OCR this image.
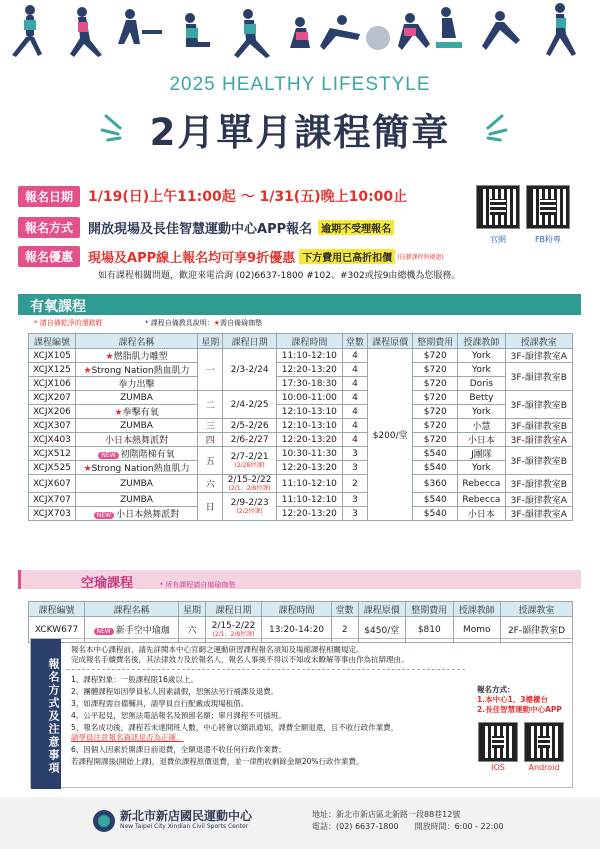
2025 HEALTHY LIFESTYLE
2月單月課程簡章
報名日期	1/19(日)上午11:00起 ～ 1/31(五)晚上10:00止
報名方式	開放現場及長佳智慧運動中心APP報名 逾期不受理報名
報名優惠	現場及APP線上報名均可享9折優惠 下方費用已高折扣價 (技藝課程無優惠)
如有課程相關問題，歡迎來電洽詢 (02)6637-1800 #102、#302或按9由總機為您服務。
官網	FB粉專
有氧課程
* 請自備乾淨的運動鞋	* 課程自備教具說明：★需自備瑜珈墊
課程編號	課程名稱	星期	課程日期	課程時間	堂數	課程原價	整期費用	授課教師	授課教室
XCJX105	★燃脂肌力雕塑	一	2/3-2/24	11:10-12:10	4	$200/堂	$720	York	3F-韻律教室A
XCJX125	★Strong Nation熱血肌力			12:20-13:20	4		$720	York	3F-韻律教室B
XCJX106	拳力出擊			17:30-18:30	4		$720	Doris	
XCJX207	ZUMBA	二	2/4-2/25	10:00-11:00	4		$720	Betty	3F-韻律教室B
XCJX206	★拳擊有氧			12:10-13:10	4		$720	York	
XCJX307	ZUMBA	三	2/5-2/26	12:10-13:10	4		$720	小慧	3F-韻律教室B
XCJX403	小日本熱舞派對	四	2/6-2/27	12:20-13:20	4		$720	小日本	3F-韻律教室A
XCJX512	NEW 初階階梯有氧	五	2/7-2/21
(2/28停課)	10:30-11:30	3		$540	J團隊	3F-韻律教室B
XCJX525	★Strong Nation熱血肌力			12:20-13:20	3		$540	York	
XCJX607	ZUMBA	六	2/15-2/22
(2/1、2/8停課)	11:10-12:10	2		$360	Rebecca	3F-韻律教室B
XCJX707	ZUMBA	日	2/9-2/23
(2/2停課)	11:10-12:10	3		$540	Rebecca	3F-韻律教室A
XCJX703	NEW 小日本熱舞派對			12:20-13:20	3		$540	小日本	3F-韻律教室A
空瑜課程	* 所有課程請自備瑜珈墊
課程編號	課程名稱	星期	課程日期	課程時間	堂數	課程原價	整期費用	授課教師	授課教室
XCKW677	NEW 新手空中瑜珈	六	2/15-2/22
(2/1、2/8停課)	13:20-14:20	2	$450/堂	$810	Momo	2F-韻律教室D
報名方式及注意事項
報名本中心課程前，請先詳閱本中心官網之運動研習課程報名須知及場館課程相關規定。
完成報名手續費名後，其法律效力及於報名人，報名人事後不得以不知或未瞭解等事由作為抗辯理由。
1、課程對象：一般課程限16歲以上。
2、團體課程如因學員私人因素請假，恕無法另行補課及退費。
3、如課程需自備輔具，請學員自行配戴或現場租借。
4、公平起見，恕無法電話報名及預留名額；單月課程不可插班。
5、報名成功後，課程若未達開班人數，中心將會以簡訊通知，課費全額退還，且不收行政作業費，
請學員注意報名資訊是否為正確。
6、因個人因素於開課日前退費，全額退還不收任何行政作業費；
若課程開課後(開始上課)，退費依課程原價退費，並一律酌收剩餘金額20%行政作業費。
報名方式：
1.本中心1、3樓櫃台
2.長佳智慧運動中心APP
IOS	Android
新北市新店國民運動中心
New Taipei City Xindian Civil Sports Center
地址：新北市新店區北新路一段88巷12號
電話：(02) 6637-1800　　開放時間：6:00 - 22:00
